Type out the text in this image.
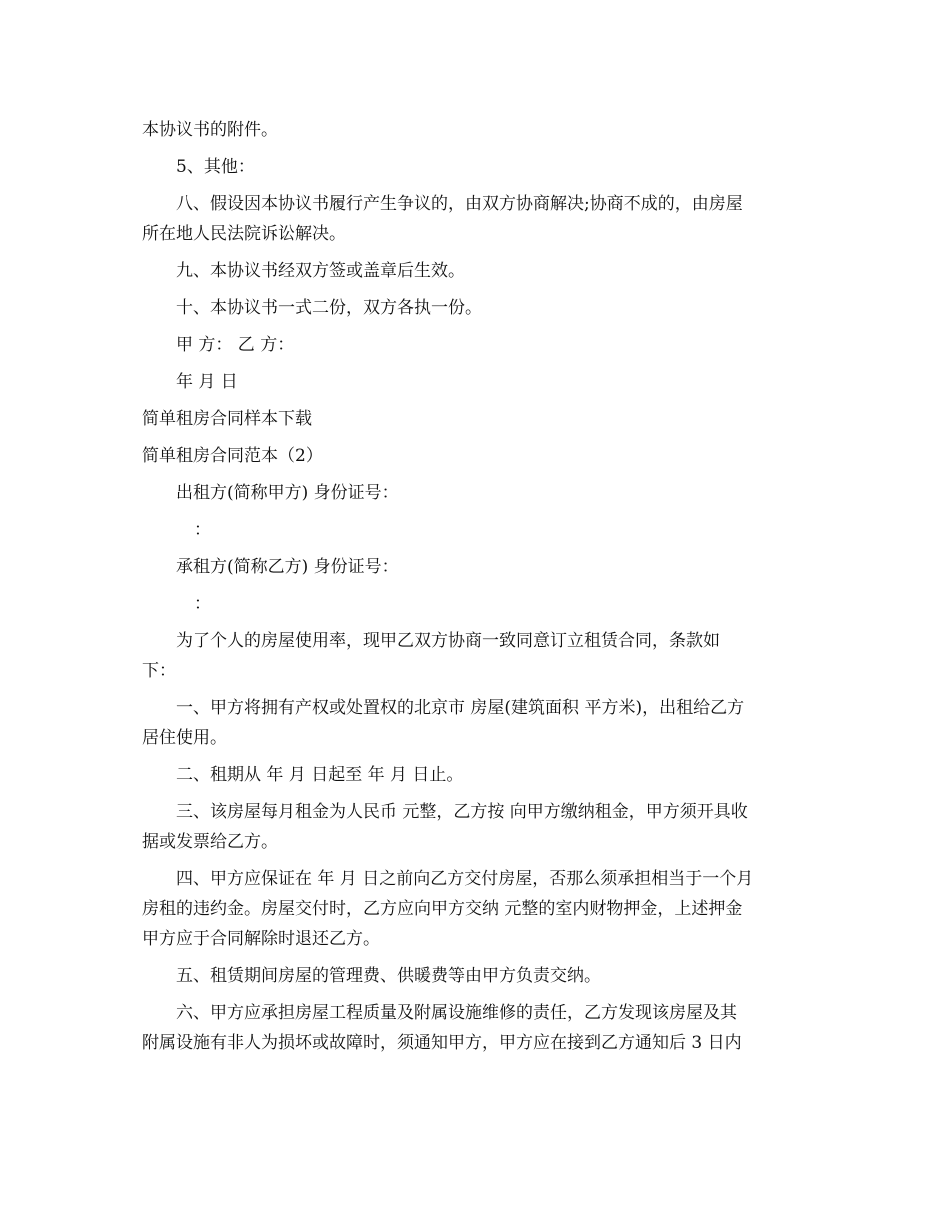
本协议书的附件。
5、其他：
八、假设因本协议书履行产生争议的，由双方协商解决;协商不成的，由房屋
所在地人民法院诉讼解决。
九、本协议书经双方签或盖章后生效。
十、本协议书一式二份，双方各执一份。
甲 方： 乙 方：
年 月 日
简单租房合同样本下载
简单租房合同范本（2）
出租方(简称甲方) 身份证号：
：
承租方(简称乙方) 身份证号：
：
为了个人的房屋使用率，现甲乙双方协商一致同意订立租赁合同，条款如
下：
一、甲方将拥有产权或处置权的北京市 房屋(建筑面积 平方米)，出租给乙方
居住使用。
二、租期从 年 月 日起至 年 月 日止。
三、该房屋每月租金为人民币 元整，乙方按 向甲方缴纳租金，甲方须开具收
据或发票给乙方。
四、甲方应保证在 年 月 日之前向乙方交付房屋，否那么须承担相当于一个月
房租的违约金。房屋交付时，乙方应向甲方交纳 元整的室内财物押金，上述押金
甲方应于合同解除时退还乙方。
五、租赁期间房屋的管理费、供暖费等由甲方负责交纳。
六、甲方应承担房屋工程质量及附属设施维修的责任，乙方发现该房屋及其
附属设施有非人为损坏或故障时，须通知甲方，甲方应在接到乙方通知后 3 日内
